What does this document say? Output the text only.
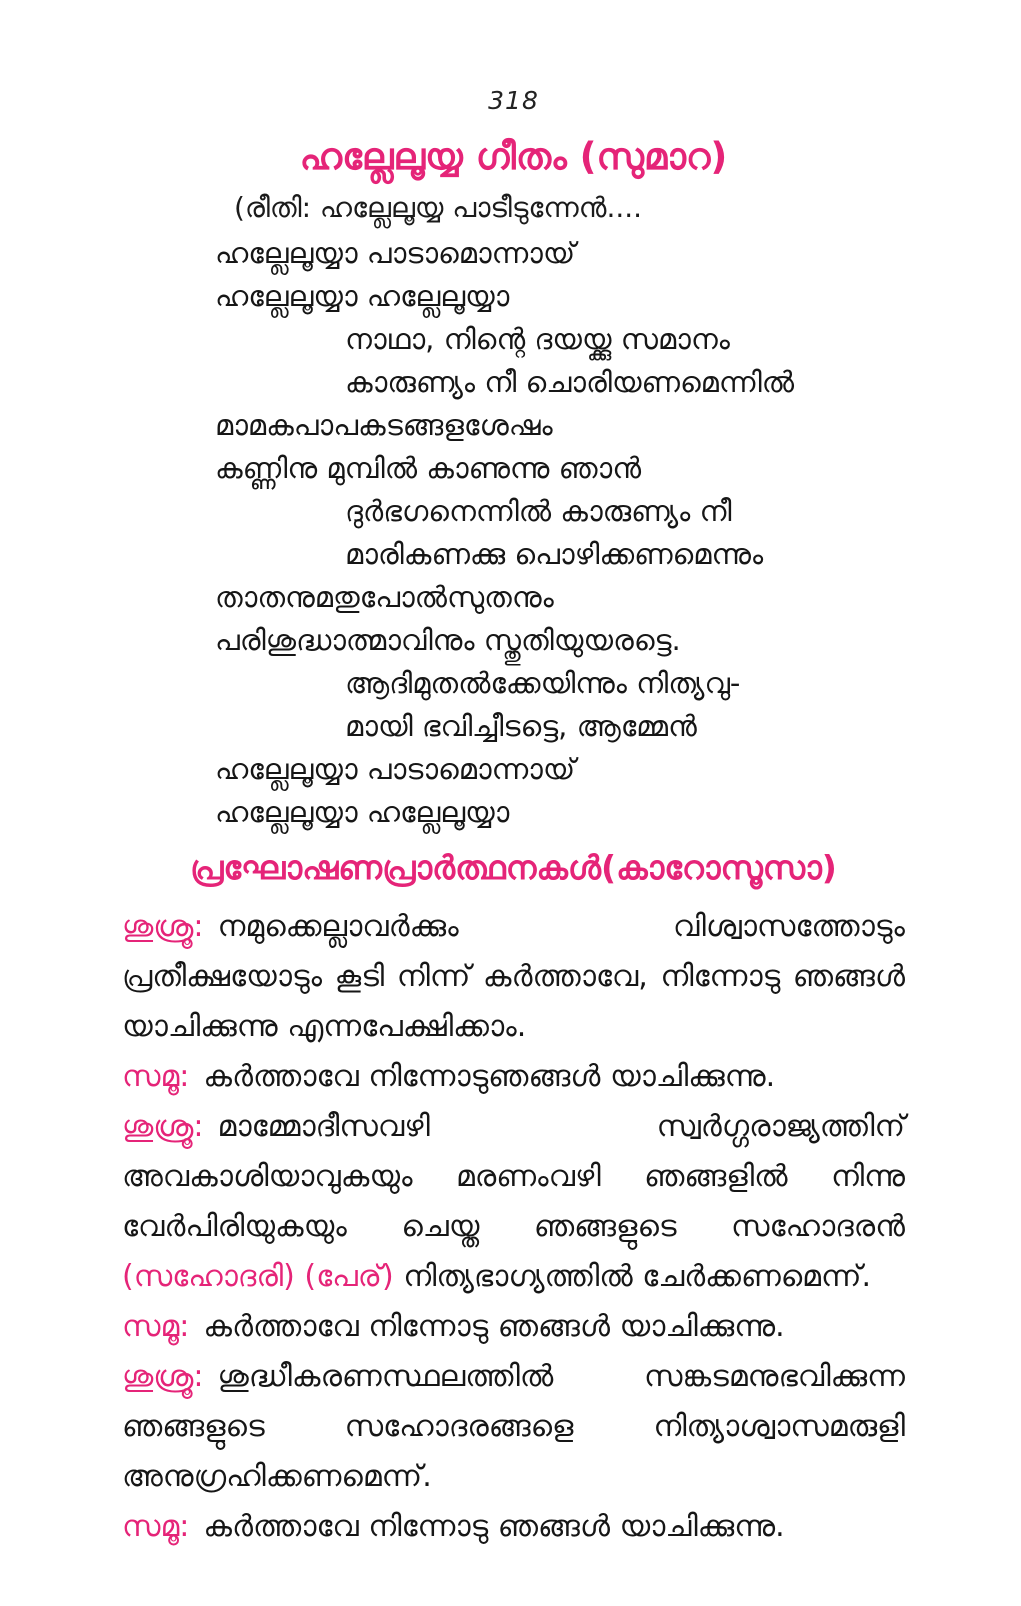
318
ഹല്ലേലൂയ്യ ഗീതം (സുമാറ)
(രീതി: ഹല്ലേലൂയ്യ പാടീടുന്നേൻ....
ഹല്ലേലൂയ്യാ പാടാമൊന്നായ്
ഹല്ലേലൂയ്യാ ഹല്ലേലൂയ്യാ
നാഥാ, നിന്റെ ദയയ്ക്കു സമാനം
കാരുണ്യം നീ ചൊരിയണമെന്നിൽ
മാമകപാപകടങ്ങളശേഷം
കണ്ണിനു മുമ്പിൽ കാണുന്നു ഞാൻ
ദുർഭഗനെന്നിൽ കാരുണ്യം നീ
മാരികണക്കു പൊഴിക്കണമെന്നും
താതനുമതുപോൽസുതനും
പരിശുദ്ധാത്മാവിനും സ്തുതിയുയരട്ടെ.
ആദിമുതൽക്കേയിന്നും നിത്യവു-
മായി ഭവിച്ചീടട്ടെ, ആമ്മേൻ
ഹല്ലേലൂയ്യാ പാടാമൊന്നായ്
ഹല്ലേലൂയ്യാ ഹല്ലേലൂയ്യാ
പ്രഘോഷണപ്രാർത്ഥനകൾ(കാറോസൂസാ)

ശുശ്രൂ: നമുക്കെല്ലാവർക്കും വിശ്വാസത്തോടും പ്രതീക്ഷയോടും കൂടി നിന്ന് കർത്താവേ, നിന്നോടു ഞങ്ങൾ യാചിക്കുന്നു എന്നപേക്ഷിക്കാം.

സമൂ: കർത്താവേ നിന്നോടുഞങ്ങൾ യാചിക്കുന്നു.

ശുശ്രൂ: മാമ്മോദീസവഴി സ്വർഗ്ഗരാജ്യത്തിന് അവകാശിയാവുകയും മരണംവഴി ഞങ്ങളിൽ നിന്നു വേർപിരിയുകയും ചെയ്ത ഞങ്ങളുടെ സഹോദരൻ (സഹോദരി) (പേര്) നിത്യഭാഗ്യത്തിൽ ചേർക്കണമെന്ന്.

സമൂ: കർത്താവേ നിന്നോടു ഞങ്ങൾ യാചിക്കുന്നു.

ശുശ്രൂ: ശുദ്ധീകരണസ്ഥലത്തിൽ സങ്കടമനുഭവിക്കുന്ന ഞങ്ങളുടെ സഹോദരങ്ങളെ നിത്യാശ്വാസമരുളി അനുഗ്രഹിക്കണമെന്ന്.

സമൂ: കർത്താവേ നിന്നോടു ഞങ്ങൾ യാചിക്കുന്നു.
